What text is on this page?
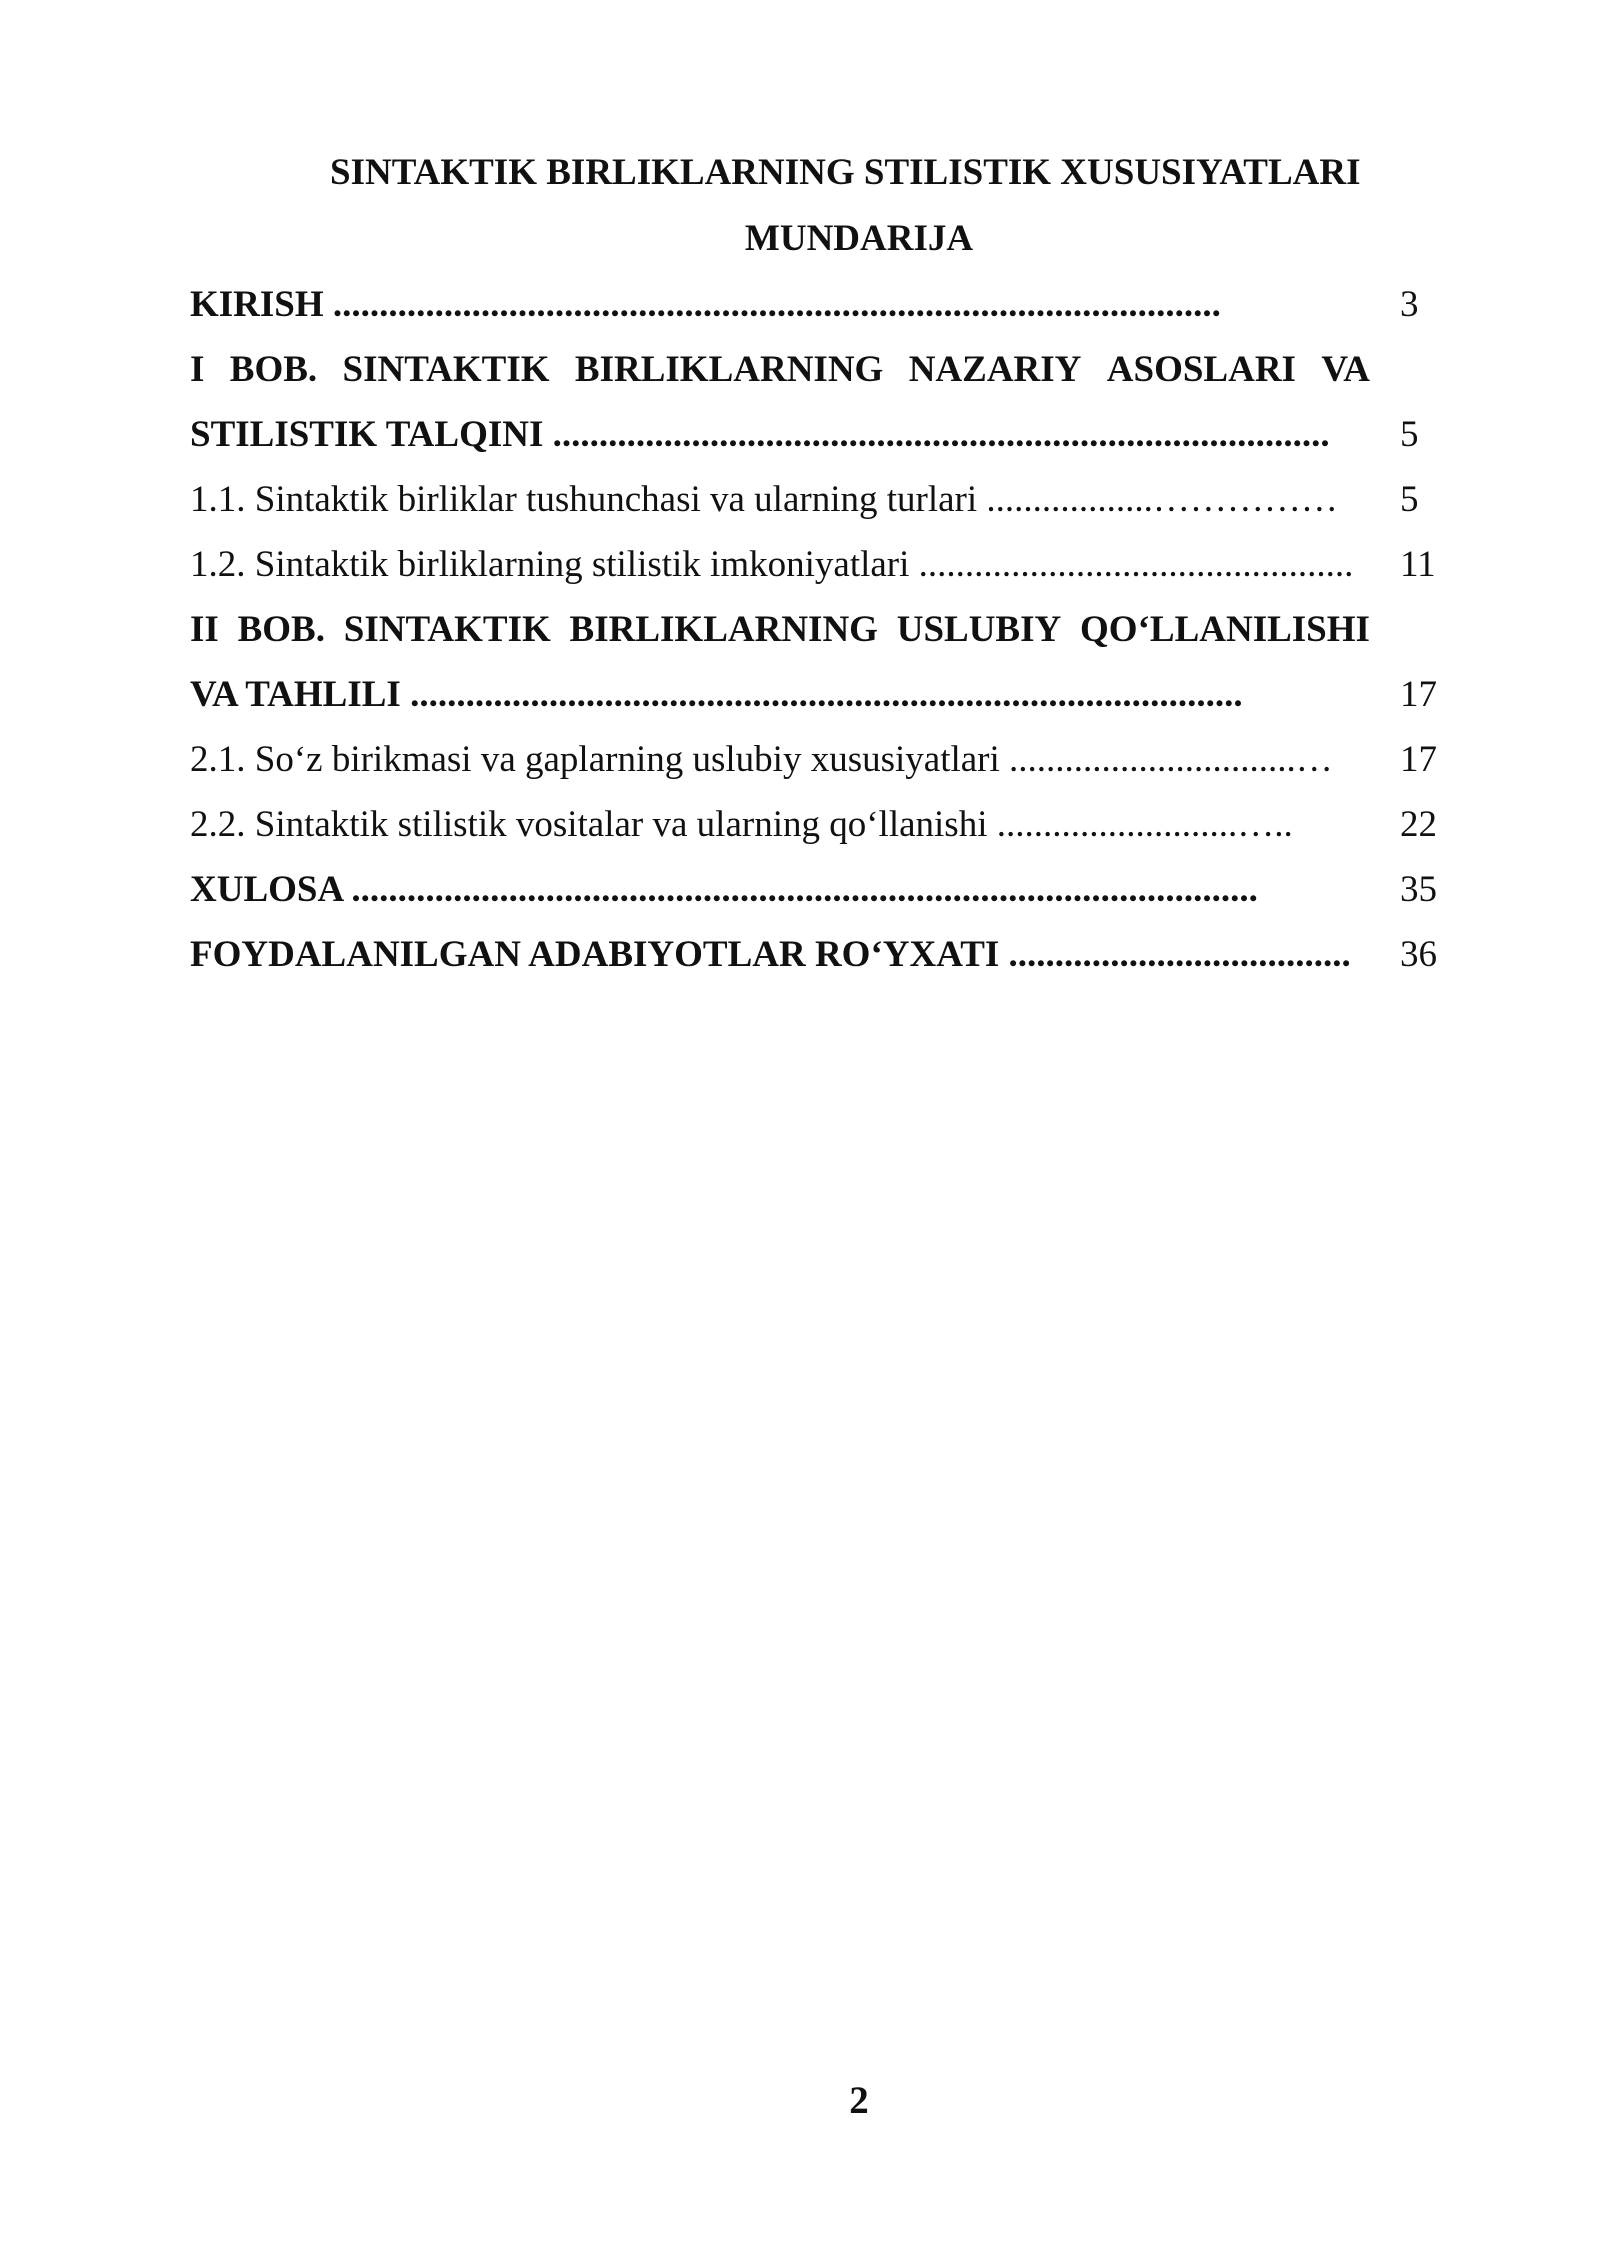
SINTAKTIK BIRLIKLARNING STILISTIK XUSUSIYATLARI
MUNDARIJA
KIRISH ................................................................................................	3
I BOB. SINTAKTIK BIRLIKLARNING NAZARIY ASOSLARI VA
STILISTIK TALQINI ....................................................................................	5
1.1. Sintaktik birliklar tushunchasi va ularning turlari ..................……………	5
1.2. Sintaktik birliklarning stilistik imkoniyatlari ...............................................	11
II BOB. SINTAKTIK BIRLIKLARNING USLUBIY QO‘LLANILISHI
VA TAHLILI ..........................................................................................	17
2.1. So‘z birikmasi va gaplarning uslubiy xususiyatlari ...............................…	17
2.2. Sintaktik stilistik vositalar va ularning qo‘llanishi ..........................…..	22
XULOSA ..................................................................................................	35
FOYDALANILGAN ADABIYOTLAR RO‘YXATI .....................................	36
2
